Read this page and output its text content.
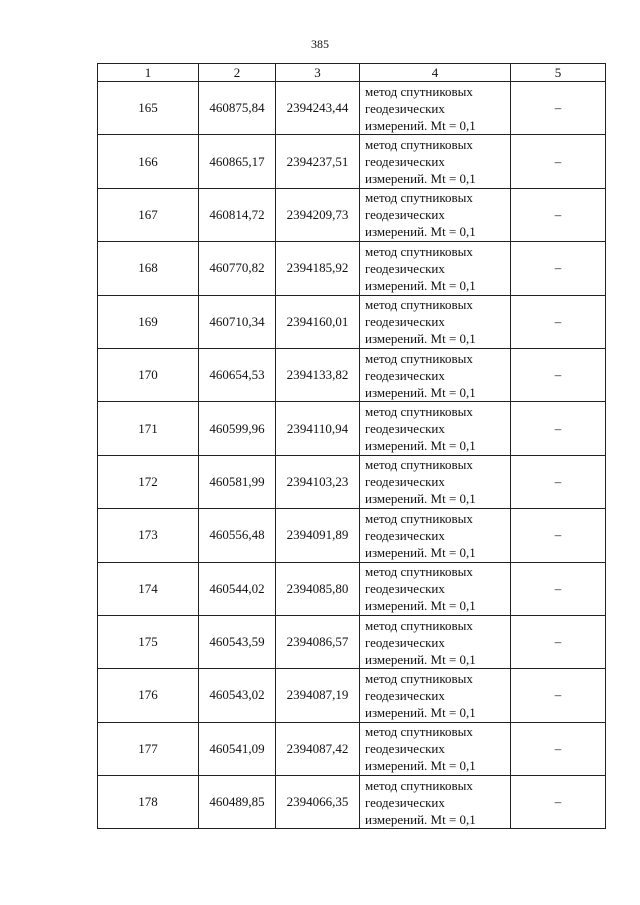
385
1	2	3	4	5
165	460875,84	2394243,44	метод спутниковых
геодезических
измерений. Mt = 0,1	–
166	460865,17	2394237,51	метод спутниковых
геодезических
измерений. Mt = 0,1	–
167	460814,72	2394209,73	метод спутниковых
геодезических
измерений. Mt = 0,1	–
168	460770,82	2394185,92	метод спутниковых
геодезических
измерений. Mt = 0,1	–
169	460710,34	2394160,01	метод спутниковых
геодезических
измерений. Mt = 0,1	–
170	460654,53	2394133,82	метод спутниковых
геодезических
измерений. Mt = 0,1	–
171	460599,96	2394110,94	метод спутниковых
геодезических
измерений. Mt = 0,1	–
172	460581,99	2394103,23	метод спутниковых
геодезических
измерений. Mt = 0,1	–
173	460556,48	2394091,89	метод спутниковых
геодезических
измерений. Mt = 0,1	–
174	460544,02	2394085,80	метод спутниковых
геодезических
измерений. Mt = 0,1	–
175	460543,59	2394086,57	метод спутниковых
геодезических
измерений. Mt = 0,1	–
176	460543,02	2394087,19	метод спутниковых
геодезических
измерений. Mt = 0,1	–
177	460541,09	2394087,42	метод спутниковых
геодезических
измерений. Mt = 0,1	–
178	460489,85	2394066,35	метод спутниковых
геодезических
измерений. Mt = 0,1	–
